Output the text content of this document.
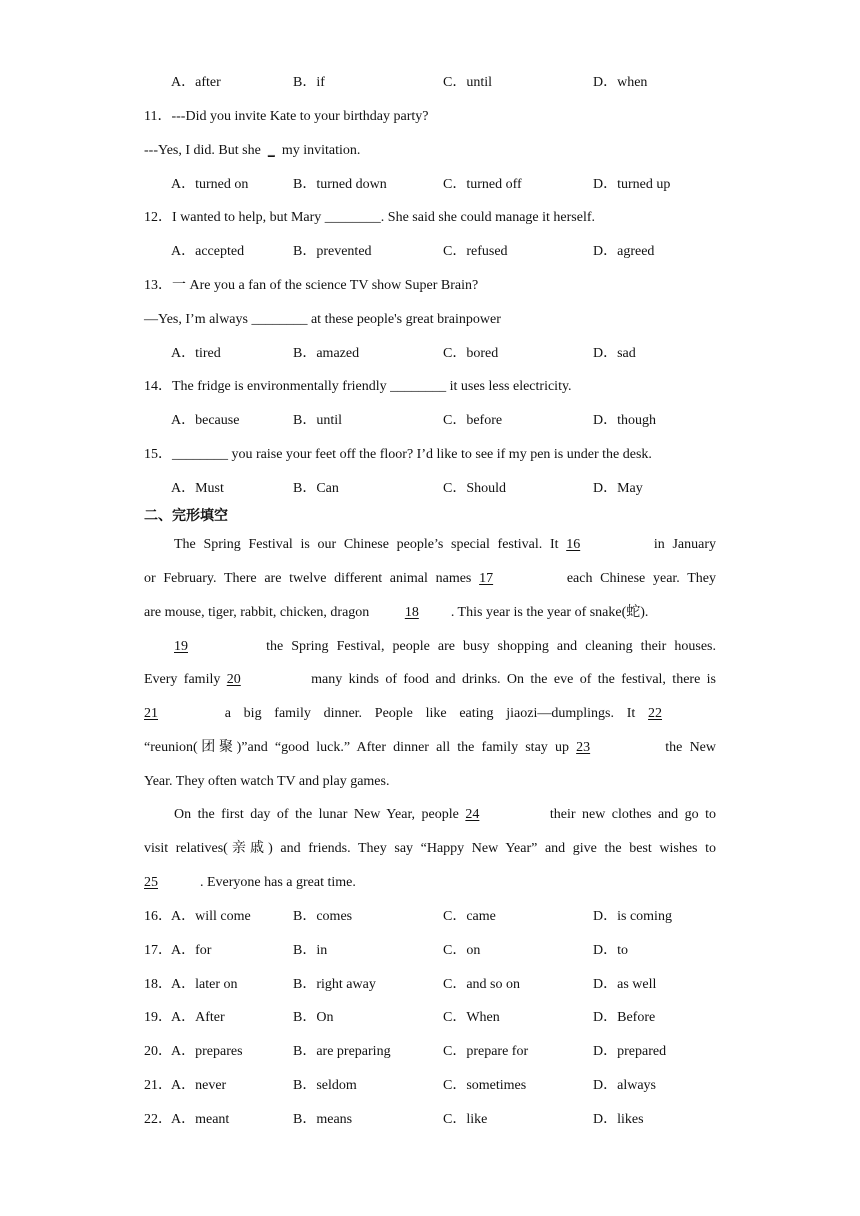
A．after	B．if	C．until	D．when
11．---Did you invite Kate to your birthday party?
---Yes, I did. But she _ my invitation.
A．turned on	B．turned down	C．turned off	D．turned up
12．I wanted to help, but Mary ________. She said she could manage it herself.
A．accepted	B．prevented	C．refused	D．agreed
13．一 Are you a fan of the science TV show Super Brain?
—Yes, I’m always ________ at these people's great brainpower
A．tired	B．amazed	C．bored	D．sad
14．The fridge is environmentally friendly ________ it uses less electricity.
A．because	B．until	C．before	D．though
15．________ you raise your feet off the floor? I’d like to see if my pen is under the desk.
A．Must	B．Can	C．Should	D．May
二、完形填空
The Spring Festival is our Chinese people’s special festival. It 16	in January
or February. There are twelve different animal names 17	each Chinese year. They
are mouse, tiger, rabbit, chicken, dragon	18 . This year is the year of snake(蛇).
19	the Spring Festival, people are busy shopping and cleaning their houses.
Every family 20	many kinds of food and drinks. On the eve of the festival, there is
21	a big family dinner. People like eating jiaozi—dumplings. It 22
“reunion(团聚)”and “good luck.” After dinner all the family stay up 23	the New
Year. They often watch TV and play games.
On the first day of the lunar New Year, people 24	their new clothes and go to
visit relatives(亲戚) and friends. They say “Happy New Year” and give the best wishes to
25	. Everyone has a great time.
16． A．will come	B．comes	C．came	D．is coming
17． A．for	B．in	C．on	D．to
18． A．later on	B．right away	C．and so on	D．as well
19． A．After	B．On	C．When	D．Before
20． A．prepares	B．are preparing	C．prepare for	D．prepared
21． A．never	B．seldom	C．sometimes	D．always
22． A．meant	B．means	C．like	D．likes
